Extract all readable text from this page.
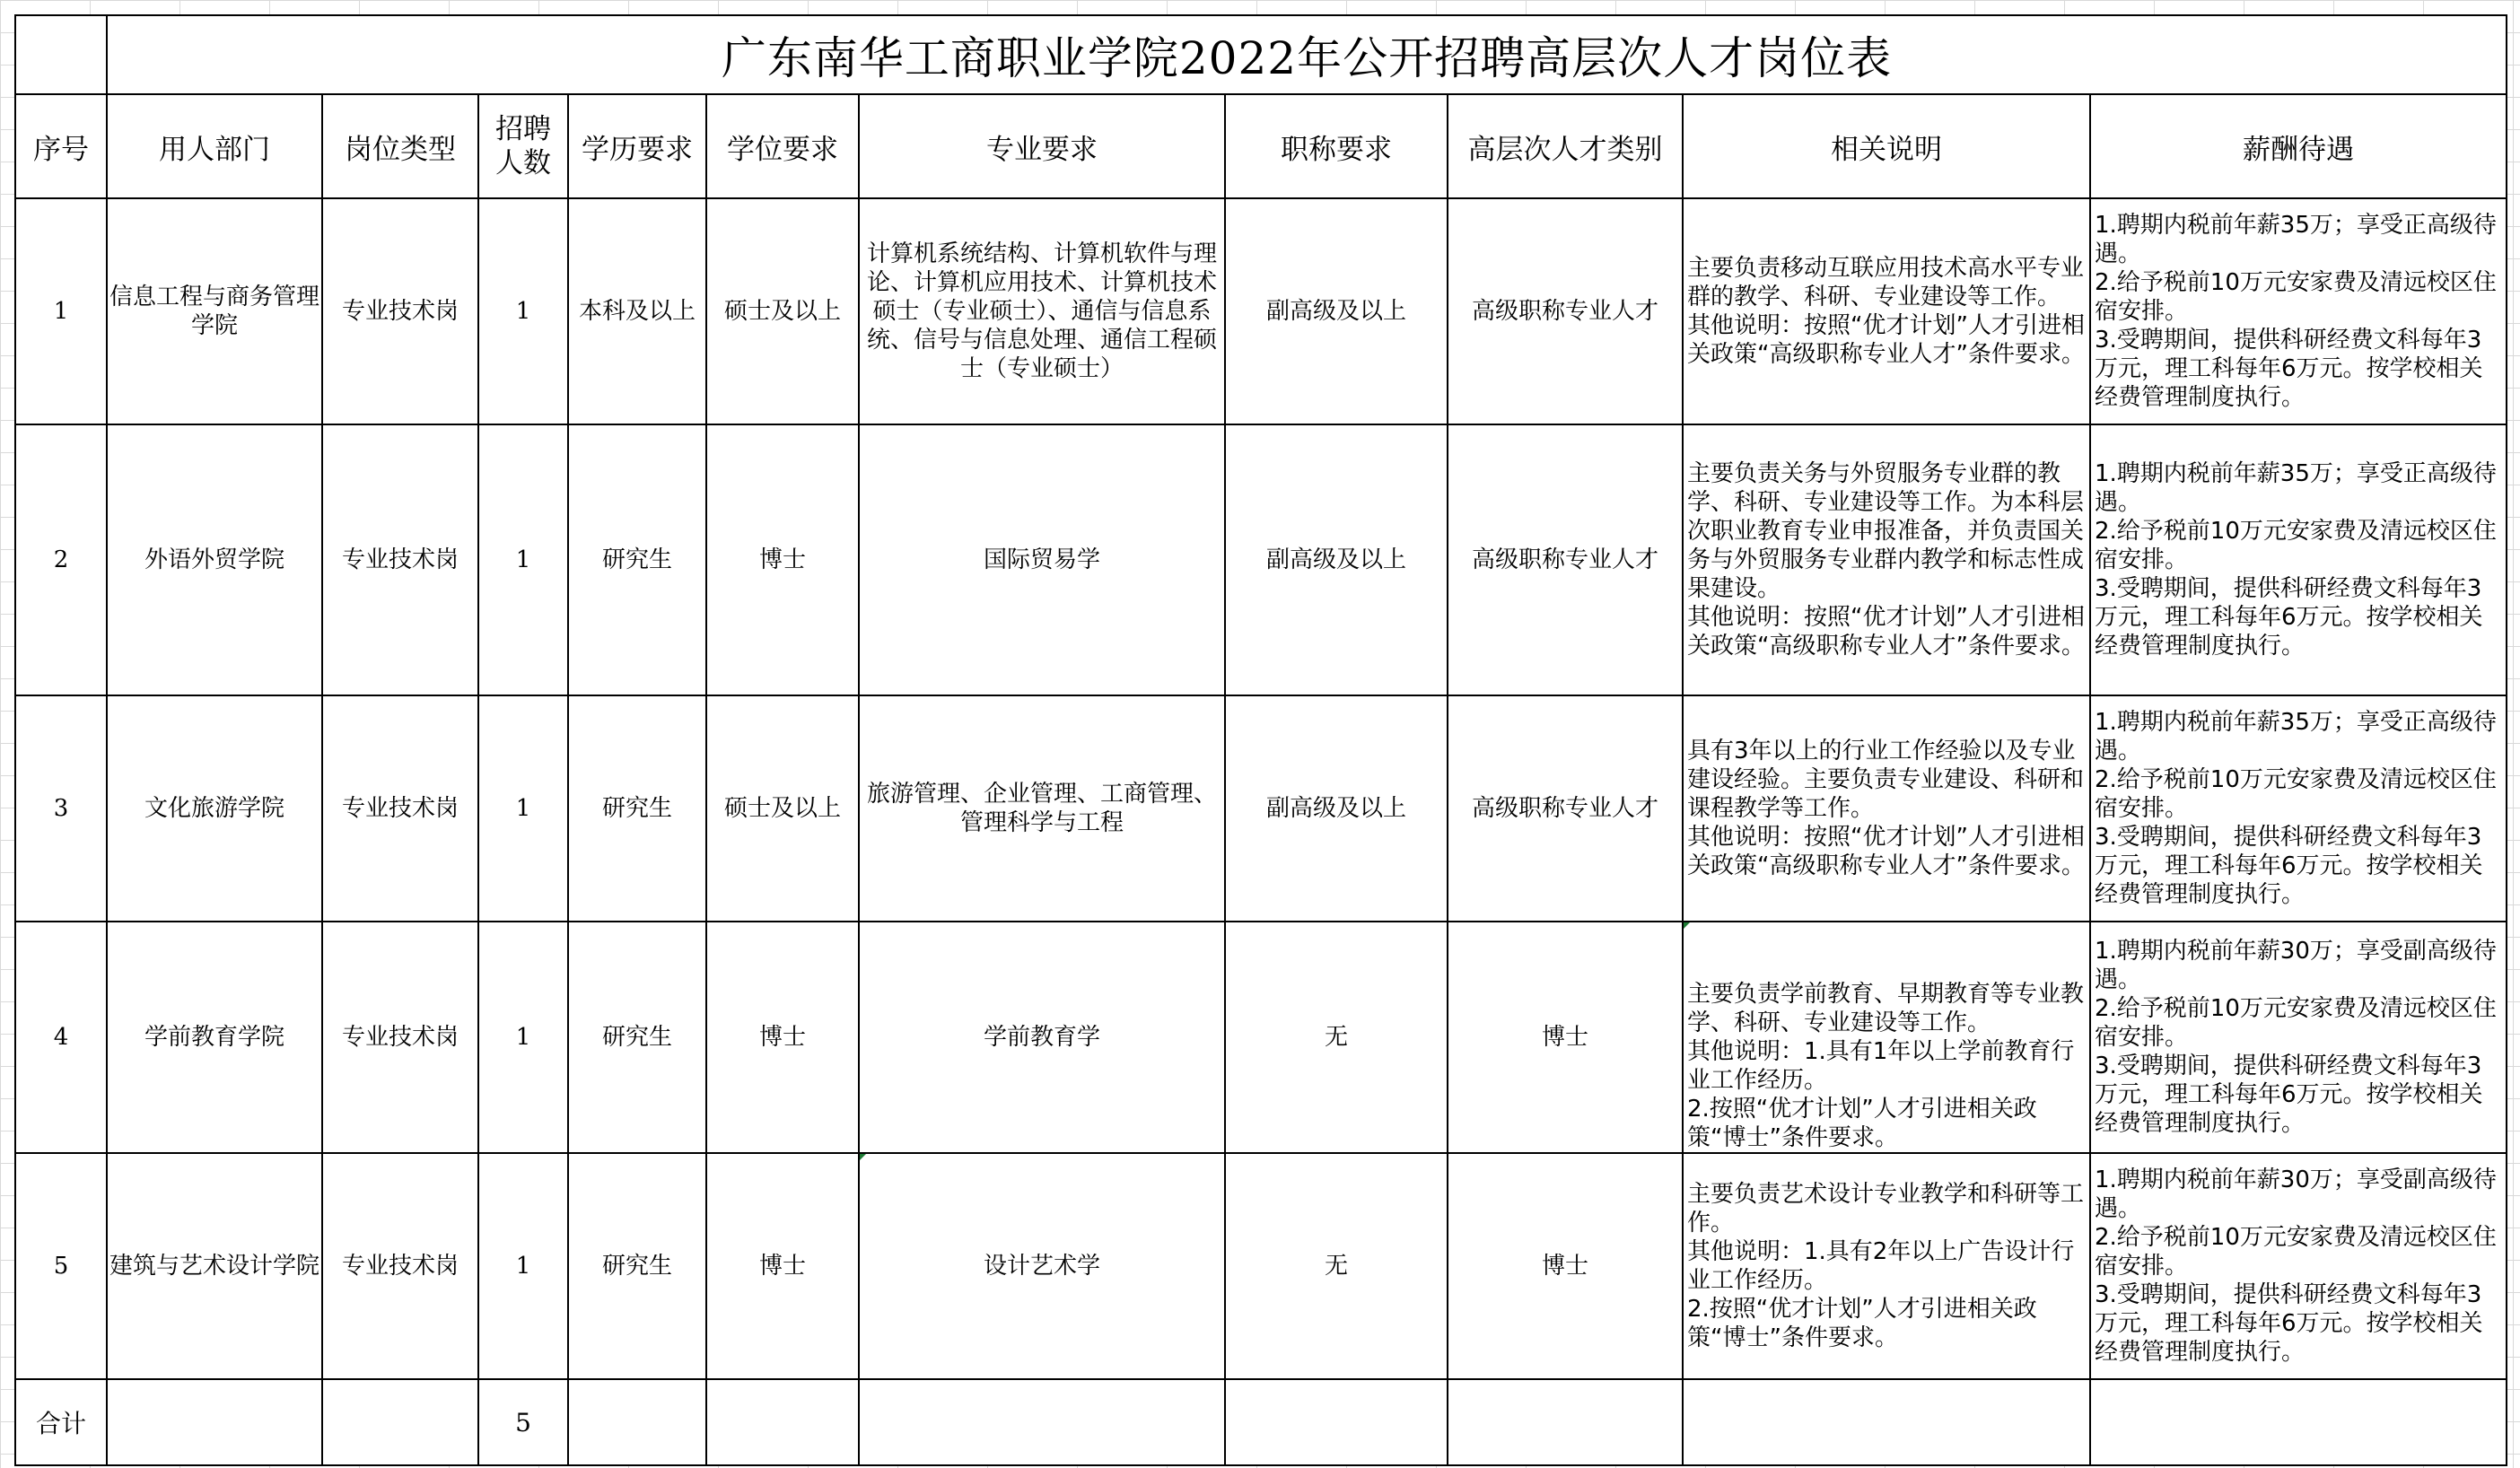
	广东南华工商职业学院2022年公开招聘高层次人才岗位表									
序号	用人部门	岗位类型	招聘人数	学历要求	学位要求	专业要求	职称要求	高层次人才类别	相关说明	薪酬待遇
1	信息工程与商务管理学院	专业技术岗	1	本科及以上	硕士及以上	计算机系统结构、计算机软件与理论、计算机应用技术、计算机技术硕士（专业硕士）、通信与信息系统、信号与信息处理、通信工程硕士（专业硕士）	副高级及以上	高级职称专业人才	主要负责移动互联应用技术高水平专业群的教学、科研、专业建设等工作。
其他说明：按照“优才计划”人才引进相关政策“高级职称专业人才”条件要求。	1.聘期内税前年薪35万；享受正高级待遇。
2.给予税前10万元安家费及清远校区住宿安排。
3.受聘期间，提供科研经费文科每年3万元，理工科每年6万元。按学校相关经费管理制度执行。
2	外语外贸学院	专业技术岗	1	研究生	博士	国际贸易学	副高级及以上	高级职称专业人才	主要负责关务与外贸服务专业群的教学、科研、专业建设等工作。为本科层次职业教育专业申报准备，并负责国关务与外贸服务专业群内教学和标志性成果建设。
其他说明：按照“优才计划”人才引进相关政策“高级职称专业人才”条件要求。	1.聘期内税前年薪35万；享受正高级待遇。
2.给予税前10万元安家费及清远校区住宿安排。
3.受聘期间，提供科研经费文科每年3万元，理工科每年6万元。按学校相关经费管理制度执行。
3	文化旅游学院	专业技术岗	1	研究生	硕士及以上	旅游管理、企业管理、工商管理、管理科学与工程	副高级及以上	高级职称专业人才	具有3年以上的行业工作经验以及专业建设经验。主要负责专业建设、科研和课程教学等工作。
其他说明：按照“优才计划”人才引进相关政策“高级职称专业人才”条件要求。	1.聘期内税前年薪35万；享受正高级待遇。
2.给予税前10万元安家费及清远校区住宿安排。
3.受聘期间，提供科研经费文科每年3万元，理工科每年6万元。按学校相关经费管理制度执行。
4	学前教育学院	专业技术岗	1	研究生	博士	学前教育学	无	博士	主要负责学前教育、早期教育等专业教学、科研、专业建设等工作。
其他说明：1.具有1年以上学前教育行业工作经历。
2.按照“优才计划”人才引进相关政策“博士”条件要求。	1.聘期内税前年薪30万；享受副高级待遇。
2.给予税前10万元安家费及清远校区住宿安排。
3.受聘期间，提供科研经费文科每年3万元，理工科每年6万元。按学校相关经费管理制度执行。
5	建筑与艺术设计学院	专业技术岗	1	研究生	博士	设计艺术学	无	博士	主要负责艺术设计专业教学和科研等工作。
其他说明：1.具有2年以上广告设计行业工作经历。
2.按照“优才计划”人才引进相关政策“博士”条件要求。	1.聘期内税前年薪30万；享受副高级待遇。
2.给予税前10万元安家费及清远校区住宿安排。
3.受聘期间，提供科研经费文科每年3万元，理工科每年6万元。按学校相关经费管理制度执行。
合计			5							
